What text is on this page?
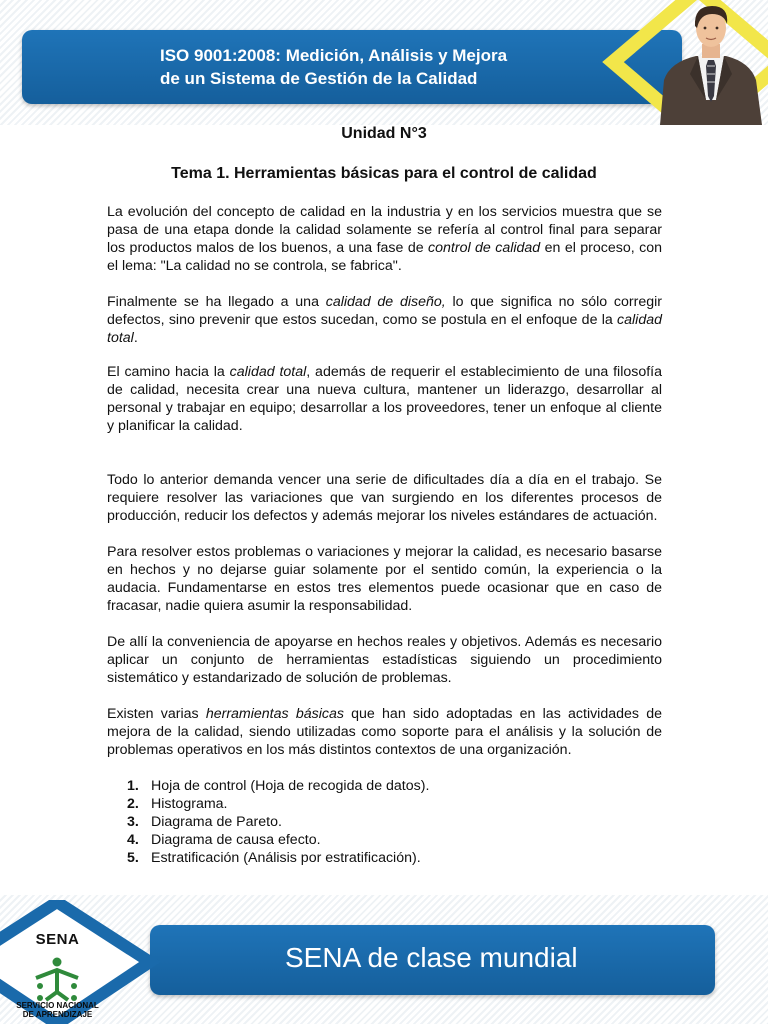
ISO 9001:2008: Medición, Análisis y Mejora
de un Sistema de Gestión de la Calidad
Unidad N°3
Tema 1. Herramientas básicas para el control de calidad

La evolución del concepto de calidad en la industria y en los servicios muestra que se pasa de una etapa donde la calidad solamente se refería al control final para separar los productos malos de los buenos, a una fase de control de calidad en el proceso, con el lema: "La calidad no se controla, se fabrica".

Finalmente se ha llegado a una calidad de diseño, lo que significa no sólo corregir defectos, sino prevenir que estos sucedan, como se postula en el enfoque de la calidad total.

El camino hacia la calidad total, además de requerir el establecimiento de una filosofía de calidad, necesita crear una nueva cultura, mantener un liderazgo, desarrollar al personal y trabajar en equipo; desarrollar a los proveedores, tener un enfoque al cliente y planificar la calidad.

Todo lo anterior demanda vencer una serie de dificultades día a día en el trabajo. Se requiere resolver las variaciones que van surgiendo en los diferentes procesos de producción, reducir los defectos y además mejorar los niveles estándares de actuación.

Para resolver estos problemas o variaciones y mejorar la calidad, es necesario basarse en hechos y no dejarse guiar solamente por el sentido común, la experiencia o la audacia. Fundamentarse en estos tres elementos puede ocasionar que en caso de fracasar, nadie quiera asumir la responsabilidad.

De allí la conveniencia de apoyarse en hechos reales y objetivos. Además es necesario aplicar un conjunto de herramientas estadísticas siguiendo un procedimiento sistemático y estandarizado de solución de problemas.

Existen varias herramientas básicas que han sido adoptadas en las actividades de mejora de la calidad, siendo utilizadas como soporte para el análisis y la solución de problemas operativos en los más distintos contextos de una organización.

1. Hoja de control (Hoja de recogida de datos).
2. Histograma.
3. Diagrama de Pareto.
4. Diagrama de causa efecto.
5. Estratificación (Análisis por estratificación).
SENA de clase mundial
SENA
SERVICIO NACIONAL
DE APRENDIZAJE
